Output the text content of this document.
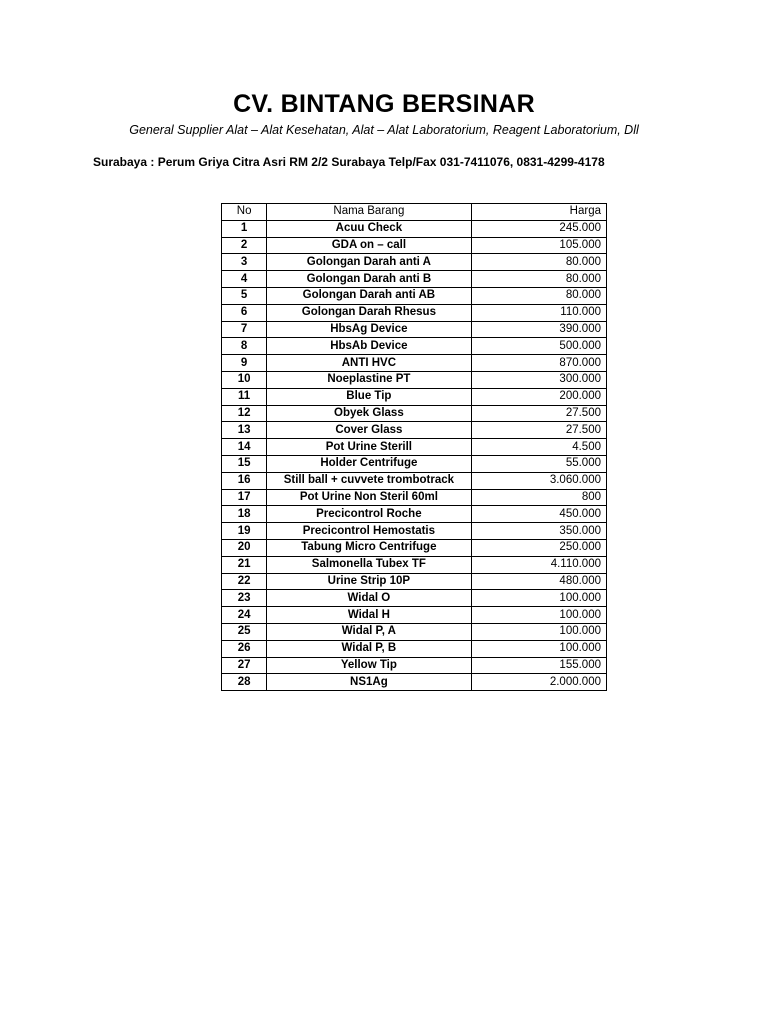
CV. BINTANG BERSINAR

General Supplier Alat – Alat Kesehatan, Alat – Alat Laboratorium, Reagent Laboratorium, Dll

Surabaya : Perum Griya Citra Asri RM 2/2 Surabaya Telp/Fax 031-7411076, 0831-4299-4178

No	Nama Barang	Harga
1	Acuu Check	245.000
2	GDA on – call	105.000
3	Golongan Darah anti A	80.000
4	Golongan Darah anti B	80.000
5	Golongan Darah anti AB	80.000
6	Golongan Darah Rhesus	110.000
7	HbsAg Device	390.000
8	HbsAb Device	500.000
9	ANTI HVC	870.000
10	Noeplastine PT	300.000
11	Blue Tip	200.000
12	Obyek Glass	27.500
13	Cover Glass	27.500
14	Pot Urine Sterill	4.500
15	Holder Centrifuge	55.000
16	Still ball + cuvvete trombotrack	3.060.000
17	Pot Urine Non Steril 60ml	800
18	Precicontrol Roche	450.000
19	Precicontrol Hemostatis	350.000
20	Tabung Micro Centrifuge	250.000
21	Salmonella Tubex TF	4.110.000
22	Urine Strip 10P	480.000
23	Widal O	100.000
24	Widal H	100.000
25	Widal P, A	100.000
26	Widal P, B	100.000
27	Yellow Tip	155.000
28	NS1Ag	2.000.000
